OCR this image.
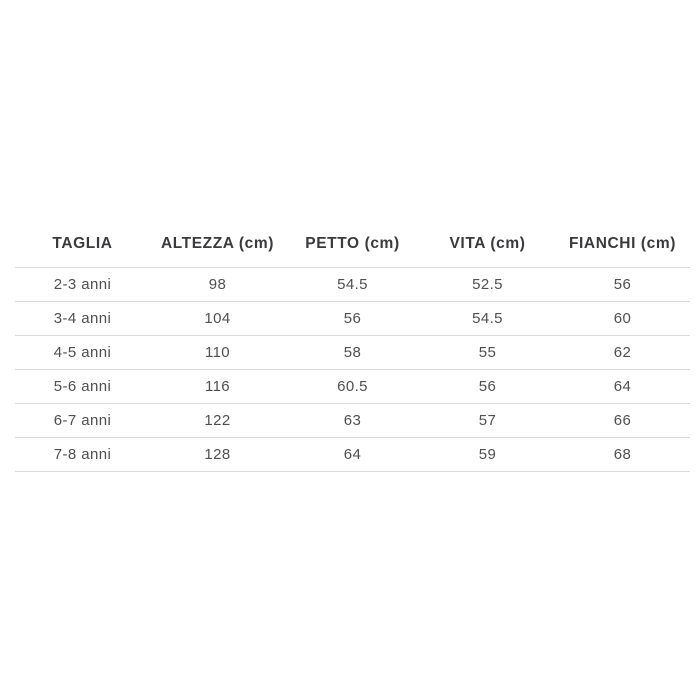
TAGLIA	ALTEZZA (cm)	PETTO (cm)	VITA (cm)	FIANCHI (cm)
2-3 anni	98	54.5	52.5	56
3-4 anni	104	56	54.5	60
4-5 anni	110	58	55	62
5-6 anni	116	60.5	56	64
6-7 anni	122	63	57	66
7-8 anni	128	64	59	68
